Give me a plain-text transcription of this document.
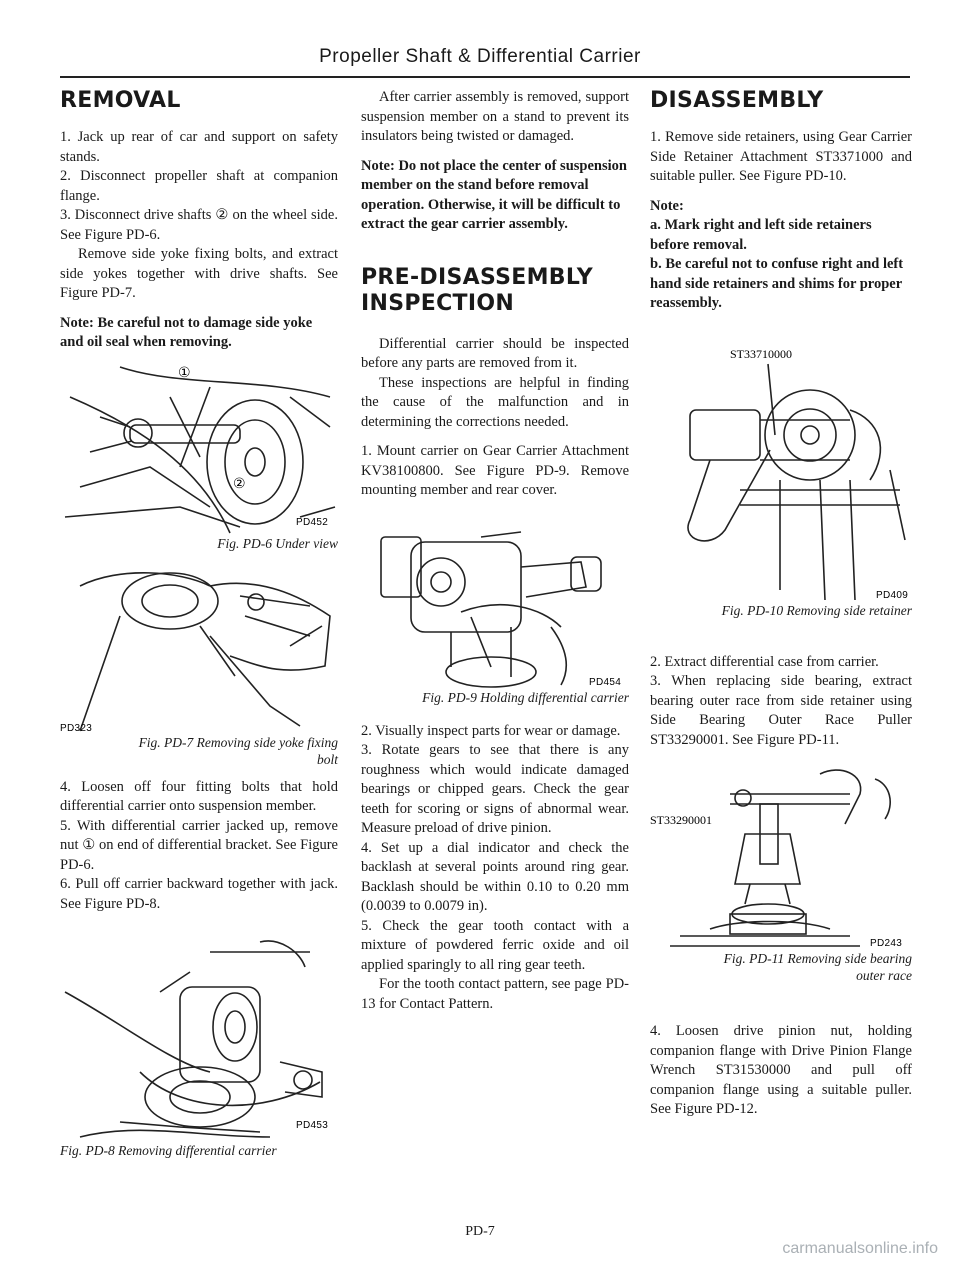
Propeller Shaft & Differential Carrier
REMOVAL

1. Jack up rear of car and support on safety stands.

2. Disconnect propeller shaft at companion flange.

3. Disconnect drive shafts ② on the wheel side. See Figure PD-6.

Remove side yoke fixing bolts, and extract side yokes together with drive shafts. See Figure PD-7.

Note: Be careful not to damage side yoke and oil seal when removing.
①
②
PD452
Fig. PD-6 Under view
PD323
Fig. PD-7 Removing side yoke fixing
bolt

4. Loosen off four fitting bolts that hold differential carrier onto suspension member.

5. With differential carrier jacked up, remove nut ① on end of differential bracket. See Figure PD-6.

6. Pull off carrier backward together with jack. See Figure PD-8.

PD453
Fig. PD-8 Removing differential carrier

After carrier assembly is removed, support suspension member on a stand to prevent its insulators being twisted or damaged.

Note: Do not place the center of suspension member on the stand before removal operation. Otherwise, it will be difficult to extract the gear carrier assembly.
PRE-DISASSEMBLY
INSPECTION

Differential carrier should be inspected before any parts are removed from it.

These inspections are helpful in finding the cause of the malfunction and in determining the corrections needed.

1. Mount carrier on Gear Carrier Attachment KV38100800. See Figure PD-9. Remove mounting member and rear cover.

PD454
Fig. PD-9 Holding differential carrier

2. Visually inspect parts for wear or damage.

3. Rotate gears to see that there is any roughness which would indicate damaged bearings or chipped gears. Check the gear teeth for scoring or signs of abnormal wear. Measure preload of drive pinion.

4. Set up a dial indicator and check the backlash at several points around ring gear. Backlash should be within 0.10 to 0.20 mm (0.0039 to 0.0079 in).

5. Check the gear tooth contact with a mixture of powdered ferric oxide and oil applied sparingly to all ring gear teeth.

For the tooth contact pattern, see page PD-13 for Contact Pattern.

DISASSEMBLY

1. Remove side retainers, using Gear Carrier Side Retainer Attachment ST3371000 and suitable puller. See Figure PD-10.

Note:
a. Mark right and left side retainers before removal.
b. Be careful not to confuse right and left hand side retainers and shims for proper reassembly.
ST33710000
PD409
Fig. PD-10 Removing side retainer

2. Extract differential case from carrier.

3. When replacing side bearing, extract bearing outer race from side retainer using Side Bearing Outer Race Puller ST33290001. See Figure PD-11.

ST33290001
PD243
Fig. PD-11 Removing side bearing
outer race

4. Loosen drive pinion nut, holding companion flange with Drive Pinion Flange Wrench ST31530000 and pull off companion flange using a suitable puller. See Figure PD-12.

PD-7
carmanualsonline.info
